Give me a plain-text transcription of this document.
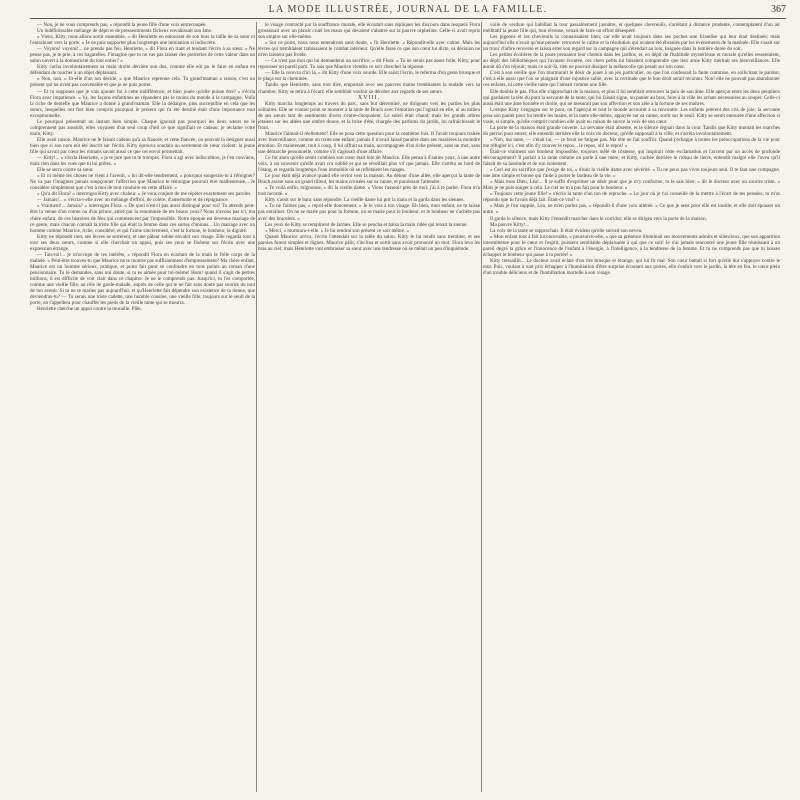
LA MODE ILLUSTRÉE, JOURNAL DE LA FAMILLE.	367

— Non, je ne vous comprends pas, » répondit la jeune fille d'une voix entrecoupée.

Un indéfinissable mélange de dépit et de pressentiments fâcheux envahissait son âme.

« Viens, Kitty, nous allons sortir ensemble, » dit Henriette en entourant de son bras la taille de sa sœur et l'entraînant vers la porte. « Je ne puis supporter plus longtemps une inmitation si indiscrète.

— Voyons! voyons!... ne prends pas feu, Henriette, » dit Flora en riant et tendant l'écrin à sa sœur. « Ne pense pas, je te prie, à ces bagatelles. J'imagine que tu ne vas pas laisser des pierreries de cette valeur dans un salon ouvert à la domesticité du tout entier? »

Kitty cacha involontairement sa main droite derrière son dos, comme elle eût pu le faire en enfant en défendant de toucher à un objet déplaisant.

« Non, non, » fit-elle d'un ton décidé, « que Maurice reprenne cela. Tu grand'maman a raison, c'est un présent qui ne m'est pas convenable et que je ne puis porter.

— Et tu supposes que je vais ajouter foi à cette indifférence, et bien jouée qu'elle puisse être? » s'écria Flora avec impatience. « Va, les façons enfantines ne répandent pas le moins du monde à la campagne. Voilà la riche de dentelle que Maurice a donné à grand'maman. Elle la dédaigne, plus succeptible en cela que les sœurs, lesquelles ont fort bien compris pourquoi le présent qui t'a été destiné était d'une importance tout exceptionnelle.

Le pourquoi présentait un instant bien simple. Chaque ignorait pas pourquoi les deux sœurs ne le comprennent pas aussitôt, elles voyaient d'un seul coup d'œil ce que signifiait ce cadeau: je réclame votre main, Kitty.

Elle avait raison. Maurice ne le faisait cadeau qu'à sa fiancée, et cette fiancée, on pouvait la désigner aussi bien que si son nom eût été inscrit sur l'écrin. Kitty éprouva soudain un serrement de cœur violent: la jeune fille qui savait par cœur les romans savait aussi ce que cet envoi promettait.

— Kitty!... » s'écria Henriette, « je te jure que tu te trompes. Flora a agi avec indiscrétion, je t'en conviens, mais rien dans les vues que tu lui prêtes. »

Elle se serra contre sa sœur.

« Et ni même les choses ne vient à l'avenir, » lui dit-elle tendrement, « pourquoi songerais-tu à t'éloigner? Ne va pas t'imaginer jamais soupçonner l'affection que Maurice te témoigne pourrait être malheureuse... Je considère simplement que c'est à moi de tout conduire en cette affaire. »

« Qu'a dit Flora? » interrogea Kitty avec chaleur. « Je vous conjure de me répéter exactement ses paroles.

— Jamais!... » s'écria-t-elle avec un mélange d'effroi, de colère, d'amertume et de répugnance.

« Vraiment!... Jamais? » interrogea Flora. « De quoi n'est-il pas aussi distingué pour toi? Tu attends peut-être la venue d'un comte ou d'un prince, attiré par la renommée de tes beaux yeux? Nous n'avons pas ici, ma chère enfant, de ces histoires de fées qui commencent par l'impossible. Notre époque est devenue mariage de ce genre, mais chacun connaît la triste fille qui était la femme dans ces sortes d'unions... Un mariage avec un homme comme Maurice, riche, considéré, et qui t'aime sincèrement, c'est la fortune, le bonheur, la dignité.

Kitty ne répondit rien; ses lèvres se serrèrent, et une pâleur subite envahit son visage. Elle regarda tour à tour ses deux sœurs, comme si elle cherchait un appui, puis ses yeux se fixèrent sur l'écrin avec une expression étrange.

— Tais-toi!... je m'occupe de tes intérêts, » répondit Flora en écartant de la main le frêle corps de la malade. « Peut-être trouves-tu que Maurice ne te montre pas suffisamment d'empressement? Ma chère enfant, Maurice est un homme sérieux, pratique, et point fait pour se confondre en tous points au roman d'une pensionnaire. Tu le demandes, sans nul doute, si tu es aimée pour toi-même! Hum! quand il s'agit de petites millions, il est difficile de voir clair dans ce chapitre. Je ne le comprends pas. Jusqu'ici, tu t'es comportée, comme une vieille fille, au rôle de garde-malade, auprès de celle qui te ne fait sans doute pas sourire du tout de ton avenir. Si tu ne te maries pas aujourd'hui, et qu'Henriette fait dépendre son existence de ta tienne, que deviendras-tu? — Tu serais une triste cadette, une humble cousine, une vieille fille, toujours sur le seuil de la porte, on t'appellera pour chauffer les pieds de la vieille tante qui se mourra.

Henriette cherche un appui contre la muraille. Pâle,

le visage contracté par la souffrance morale, elle écoutait sans répliquer les discours dans lesquels Flora grossissait avec un plaisir cruel les maux qui devaient s'abattre sur la pauvre orpheline. Celle-ci avait repris son empire sur elle-même.

« Sur ce point, nous nous entendrons sans doute, » fit Henriette. « Répondit-elle avec calme. Mais les lèvres qui tremblaient trahissaient le combat intérieur. Qu'elle fasse ce que son cœur lui dicte, sa décision ne m'en laissera pas froide.

— Ce n'est pas moi qui lui demanderai un sacrifice, » dit Flora. « Tu ne serais pas assez folle, Kitty, pour repousser un pareil parti. Tu sais que Maurice viendra ce soir chercher la réponse.

— Elle la recevra d'ici là, » dit Kitty d'une voix sourde. Elle saisit l'écrin, le referma d'un geste brusque et le plaça sur la cheminée.

Tandis que Henriette, sans mot dire, emportait avec ses pauvres mains tremblantes la malade vers sa chambre, Kitty se retira à l'écart; elle semblait vouloir se dérober aux regards de ses sœurs.

XVIII.

Kitty marcha longtemps au travers du parc, sans but déterminé, ne dirigeant vers les parties les plus solitaires. Elle ne voulait point se montrer à la tante de Brach avec l'émotion qui l'agitait en elle, ni au milieu de ses sœurs tant de sentiments divers s'entre-choquaient. Le soleil était chaud; mais les grands arbres jetaient sur les allées une ombre douce, et la brise d'été, chargée des parfums du jardin, lui rafraîchissait le front.

Maurice l'aimait-il réellement? Elle se posa cette question pour la centième fois. Il l'avait toujours traitée avec bienveillance, comme on traite une enfant; jamais il n'avait laissé paraître dans ses manières la moindre émotion. Et maintenant, tout à coup, il lui offrait sa main, accompagnée d'un riche présent, sans un mot, sans une démarche personnelle, comme s'il s'agissait d'une affaire.

Ce fut alors qu'elle sentit combien son cœur était loin de Maurice. Elle pensa à d'autres yeux, à une autre voix, à un souvenir qu'elle avait cru oublié et qui se réveillait plus vif que jamais. Elle s'arrêta au bord de l'étang, et regarda longtemps l'eau immobile où se reflétaient les nuages.

Le jour était déjà avancé quand elle revint vers la maison. Au détour d'une allée, elle aperçut la tante de Brach assise sous un grand tilleul, les mains croisées sur sa canne, et paraissant l'attendre.

« Te voilà enfin, mignonne, » dit la vieille dame. « Viens t'asseoir près de moi; j'ai à te parler. Flora m'a tout raconté. »

Kitty s'assit sur le banc sans répondre. La vieille dame lui prit la main et la garda dans les siennes.

« Tu ne l'aimes pas, » reprit-elle doucement. « Je le vois à ton visage. Eh bien, mon enfant, ne te laisse pas entraîner. On ne se marie pas pour la fortune, on se marie pour le bonheur, et le bonheur ne s'achète pas avec des bracelets. »

Les yeux de Kitty se remplirent de larmes. Elle se pencha et baisa la main ridée qui tenait la sienne.

« Merci, » murmura-t-elle. « Je lui rendrai son présent ce soir même. »

Quand Maurice arriva, l'écrin l'attendait sur la table du salon. Kitty le lui tendit sans trembler, et ses paroles furent simples et dignes. Maurice pâlit, s'inclina et sortit sans avoir prononcé un mot. Flora leva les bras au ciel; mais Henriette vint embrasser sa sœur avec une tendresse où se mêlait un peu d'inquiétude.

voile de verdure qui habillait la tour passablement jaunâtre, et quelques chevreuils, s'arrêtant à distance prudente, contemplaient d'un air méditatif la jeune fille qui, tout rêveuse, venait de faire un effort désespéré.

Les pigeons et les chevreuils la connaissaient bien; car elle avait toujours dans ses poches une friandise qui leur était destinée; mais aujourd'hui elle n'avait qu'une pensée: retrouver le calme et la résolution qui avaient été ébranlés par les événements de la matinée. Elle s'assit sur un tronc d'arbre renversé et laissa errer son regard sur la campagne qui s'étendait au loin, baignée dans la lumière dorée du soir.

Les petites écolières de la poste prenaient leur chemin dans les jardins, et, en dépit de l'habitude mystérieuse et morale qu'elles ressentaient, au dépit des bibliothèques qui l'avaient écoutée, ces chers petits lui faisaient comprendre que leur amie Kitty méritait ses bienveillances. Elle aurait dû s'en réjouir; mais ce soir-là, rien ne pouvait dissiper la mélancolie qui pesait sur son cœur.

C'est à son oreille que l'on murmurait le désir de jouer à un jeu particulier, ou que l'on confessait la faute commise, en sollicitant le pardon; c'est à elle aussi que l'on se plaignait d'une injustice subie, avec la certitude que le bon droit serait reconnu. Non! elle ne pouvait pas abandonner ces enfants, ni cette vieille tante qui l'aimait comme une fille.

Elle doubla le pas. Plus elle s'approchait de la maison, et plus il lui semblait retrouver la paix de son âme. Elle aperçut entre les deux peupliers qui gardaient la tête du pont la servante de la tante, qui lui faisait signe, un panier au bras, faire à la ville les achats nécessaires au souper. Celle-ci aussi était une âme honnête et droite, qui ne mesurait pas son affection et son zèle à la fortune de ses maîtres.

Lorsque Kitty s'engagea sur le pont, on l'aperçut et tout le monde accourut à sa rencontre. Les enfants jetèrent des cris de joie; la servante posa son panier pour lui tendre les mains, et la tante elle-même, appuyée sur sa canne, sortit sur le seuil. Kitty se sentit entourée d'une affection si vraie, si simple, qu'elle comprit combien elle avait eu raison de suivre la voix de son cœur.

La porte de la maison était grande ouverte. La servante était absente, et le silence régnait dans la cour. Tandis que Kitty montait les marches du perron pour entrer, elle entendit derrière elle la voix du docteur, qu'elle supposait à la ville, et s'arrêta involontairement.

« Non, ma tante, — c'était lui, — ce bruit ne fatigue pas. Ma tête ne fait souffrir. Quand j'échappe à toutes les préoccupations de la vie pour me réfugier ici, c'est afin d'y trouver le repos... le repos, oh! le repos! »

Était-ce vraiment son bonheur impossible, toujours mêlé de tristesse, qui inspirait cette exclamation et l'accent par un accès de profonde découragement? Il parlait à la tante comme on parle à une mère, et Kitty, cachée derrière le rideau de lierre, entendit malgré elle l'aveu qu'il faisait de sa lassitude et de son isolement.

« Ceci est un sacrifice que j'exige de toi, » disait la vieille dame avec sévérité. « Tu ne peux pas vivre toujours seul. Il te faut une compagne, une âme simple et bonne qui t'aide à porter le fardeau de la vie. »

« Mais mon Dieu, Léa!... Il te suffit d'exprimer un désir pour que je m'y conforme, tu le sais bien; » dit le docteur avec un sourire triste. « Mais je ne puis songer à cela. Le ciel ne m'a pas fait pour le bonheur. »

« Toujours cette jeune fille! » s'écria la tante d'un ton de reproche. « Le jour où je t'ai conseillé de la mettre à l'écart de tes pensées, tu m'as répondu que tu l'avais déjà fait. Était-ce vrai? »

« Mais je l'en supplie, Léa, ne m'en parlez pas, » répondit-il d'une voix altérée. « Ce que je sens pour elle est inutile; et elle doit épouser un autre. »

Il garda le silence, mais Kitty l'entendit marcher dans le corridor; elle se dirigea vers la porte de la maison.

Ma pauvre Kitty!...

La voix de la tante se rapprochait. Il était évident qu'elle suivait son neveu.

« Mon enfant tout à fait inconcevable, » poursuivit-elle, « que sa présence illuminait ses mouvements adroits et silencieux, que son apparition intermittente pour le cœur et l'esprit, puissent semblable déplaisante à qui que ce soit! Je n'ai jamais rencontré une jeune fille réunissant à un pareil degré la grâce et l'innocence de l'enfant à l'énergie, à l'intelligence, à la tendresse de la femme. Et tu ne comprends pas que tu laisses échapper le bonheur qui passe à ta portée! »

Kitty tressaillit... Le docteur avait éclaté d'un rire brusque et étrange, qui lui fit mal. Son cœur battait si fort qu'elle dut s'appuyer contre le mur. Puis, voulant à tout prix échapper à l'humiliation d'être surprise écoutant aux portes, elle s'enfuit vers le jardin, la tête en feu, le cœur plein d'un trouble délicieux et de l'humiliation mortelle à son visage.
